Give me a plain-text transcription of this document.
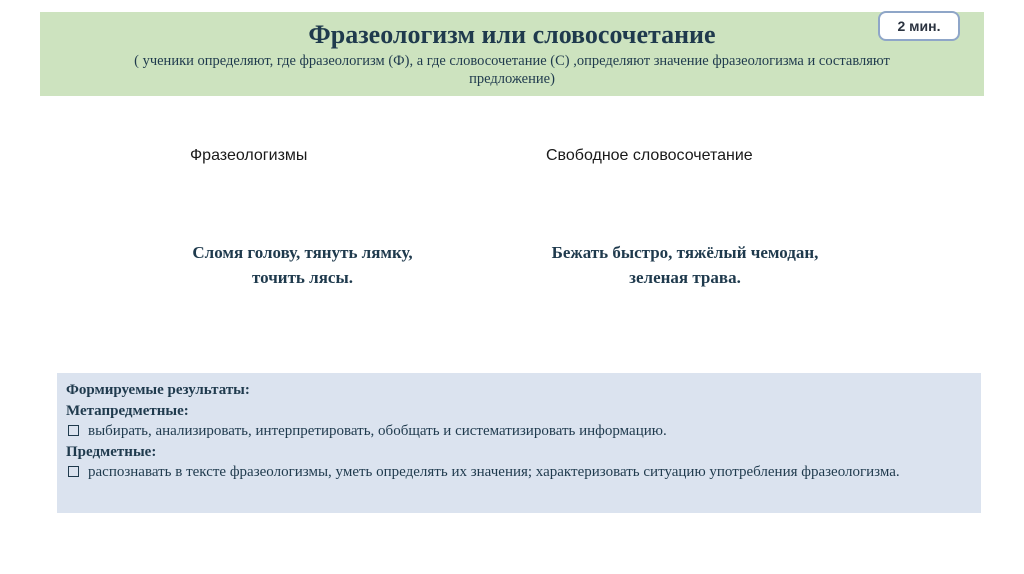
Фразеологизм или словосочетание
( ученики определяют, где фразеологизм (Ф), а где словосочетание (С) ,определяют значение фразеологизма и составляют предложение)
2 мин.
Фразеологизмы	Свободное словосочетание
Сломя голову, тянуть лямку, точить лясы.
Бежать быстро, тяжёлый чемодан, зеленая трава.
Формируемые результаты:
Метапредметные:
выбирать, анализировать, интерпретировать, обобщать и систематизировать информацию.
Предметные:
распознавать в тексте фразеологизмы, уметь определять их значения; характеризовать ситуацию употребления фразеологизма.
